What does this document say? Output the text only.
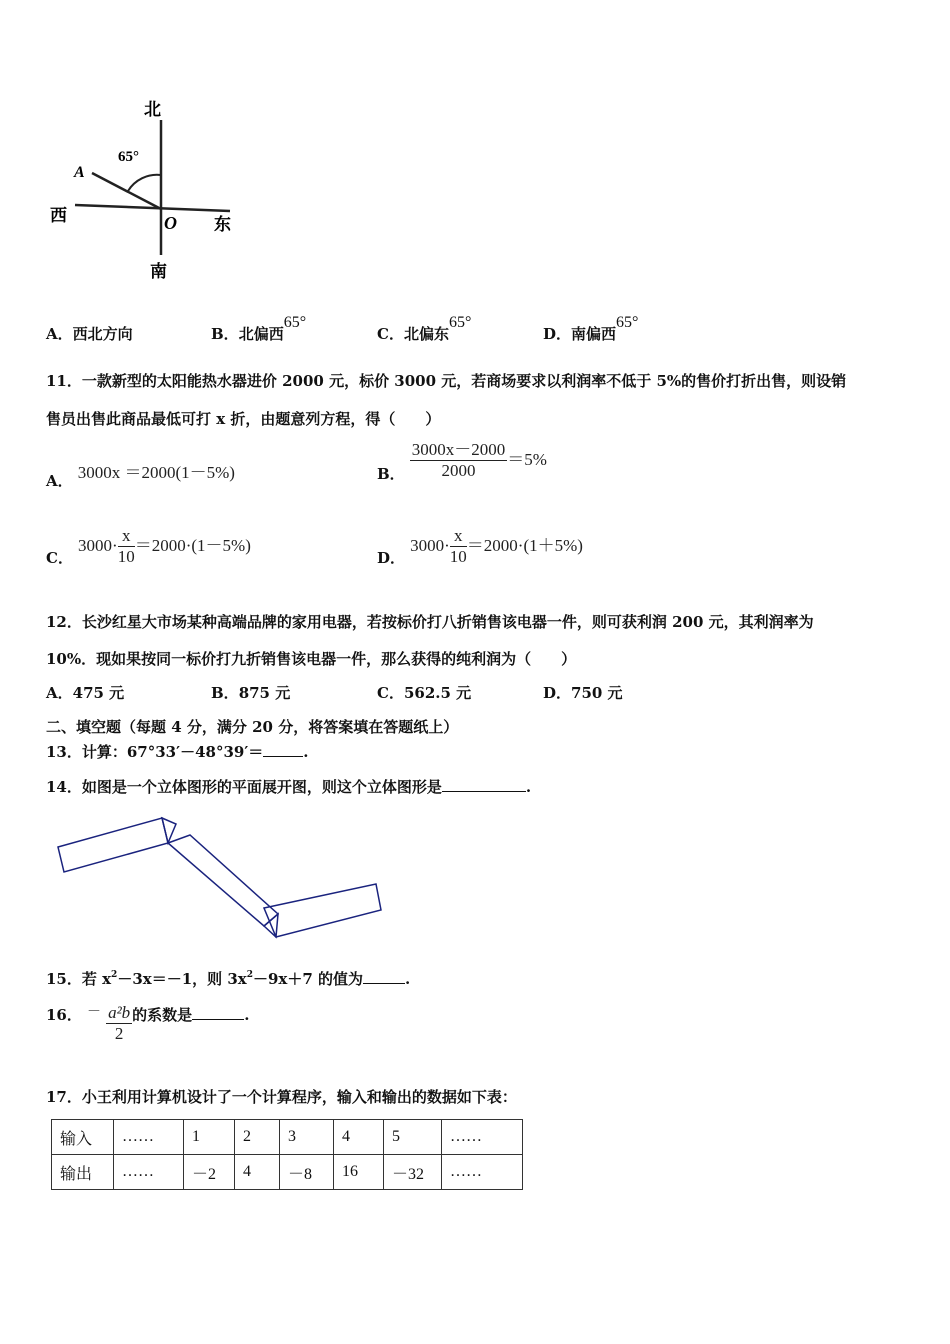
北
南
西	东
65°
A
O
A．西北方向	B．北偏西65°
C．北偏东65°
D．南偏西65°
11．一款新型的太阳能热水器进价 2000 元，标价 3000 元，若商场要求以利润率不低于 5%的售价打折出售，则设销
售员出售此商品最低可打 x 折，由题意列方程，得（　　）
A． 3000x ＝2000(1－5%)	B． $\frac{3000x-2000}{2000} =5\%$
C． $3000\cdot \frac{x}{10} =2000\cdot(1-5\%)$
D． $3000\cdot \frac{x}{10} =2000\cdot(1+5\%)$
12．长沙红星大市场某种高端品牌的家用电器，若按标价打八折销售该电器一件，则可获利润 200 元，其利润率为
10%．现如果按同一标价打九折销售该电器一件，那么获得的纯利润为（　　）
A．475 元	B．875 元	C．562.5 元	D．750 元
二、填空题（每题 4 分，满分 20 分，将答案填在答题纸上）
13．计算：67°33′－48°39′＝	.
14．如图是一个立体图形的平面展开图，则这个立体图形是	.
15．若 $x^2-3x=-1$，则 $3x^2-9x+7$ 的值为	.
16． － $\frac{\text{a²b}}{2}$ 的系数是	.
17．小王利用计算机设计了一个计算程序，输入和输出的数据如下表：
输入	……	1	2	3	4	5	……
输出	……	－2	4	－8	16	－32	……
